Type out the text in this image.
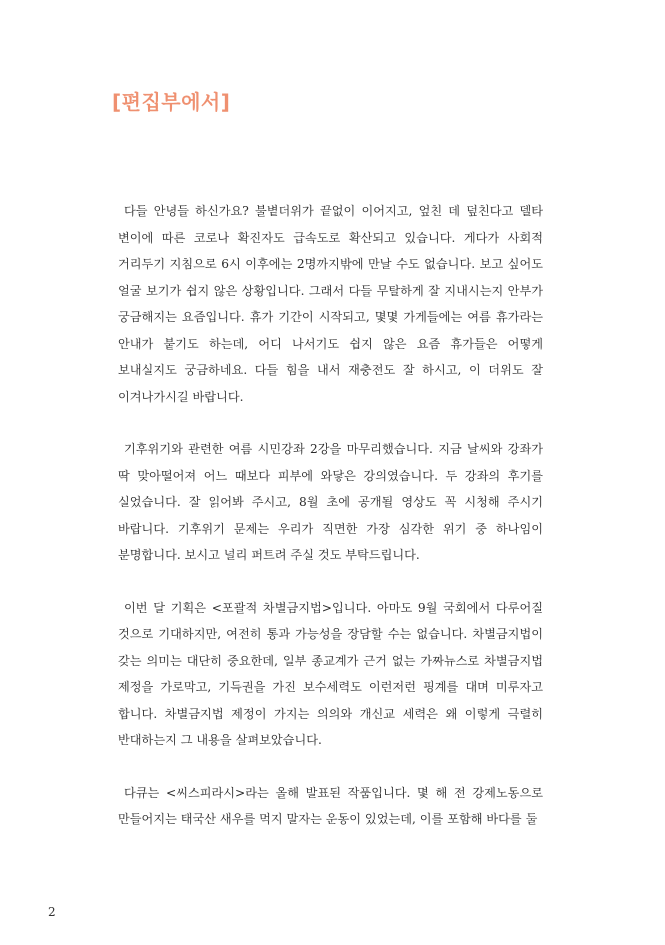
[편집부에서]

다들 안녕들 하신가요? 불볕더위가 끝없이 이어지고, 엎친 데 덮친다고 델타 변이에 따른 코로나 확진자도 급속도로 확산되고 있습니다. 게다가 사회적 거리두기 지침으로 6시 이후에는 2명까지밖에 만날 수도 없습니다. 보고 싶어도 얼굴 보기가 쉽지 않은 상황입니다. 그래서 다들 무탈하게 잘 지내시는지 안부가 궁금해지는 요즘입니다. 휴가 기간이 시작되고, 몇몇 가게들에는 여름 휴가라는 안내가 붙기도 하는데, 어디 나서기도 쉽지 않은 요즘 휴가들은 어떻게 보내실지도 궁금하네요. 다들 힘을 내서 재충전도 잘 하시고, 이 더위도 잘 이겨나가시길 바랍니다.

기후위기와 관련한 여름 시민강좌 2강을 마무리했습니다. 지금 날씨와 강좌가 딱 맞아떨어져 어느 때보다 피부에 와닿은 강의였습니다. 두 강좌의 후기를 실었습니다. 잘 읽어봐 주시고, 8월 초에 공개될 영상도 꼭 시청해 주시기 바랍니다. 기후위기 문제는 우리가 직면한 가장 심각한 위기 중 하나임이 분명합니다. 보시고 널리 퍼트려 주실 것도 부탁드립니다.

이번 달 기획은 <포괄적 차별금지법>입니다. 아마도 9월 국회에서 다루어질 것으로 기대하지만, 여전히 통과 가능성을 장담할 수는 없습니다. 차별금지법이 갖는 의미는 대단히 중요한데, 일부 종교계가 근거 없는 가짜뉴스로 차별금지법 제정을 가로막고, 기득권을 가진 보수세력도 이런저런 핑계를 대며 미루자고 합니다. 차별금지법 제정이 가지는 의의와 개신교 세력은 왜 이렇게 극렬히 반대하는지 그 내용을 살펴보았습니다.

다큐는 <씨스피라시>라는 올해 발표된 작품입니다. 몇 해 전 강제노동으로 만들어지는 태국산 새우를 먹지 말자는 운동이 있었는데, 이를 포함해 바다를 둘

2
